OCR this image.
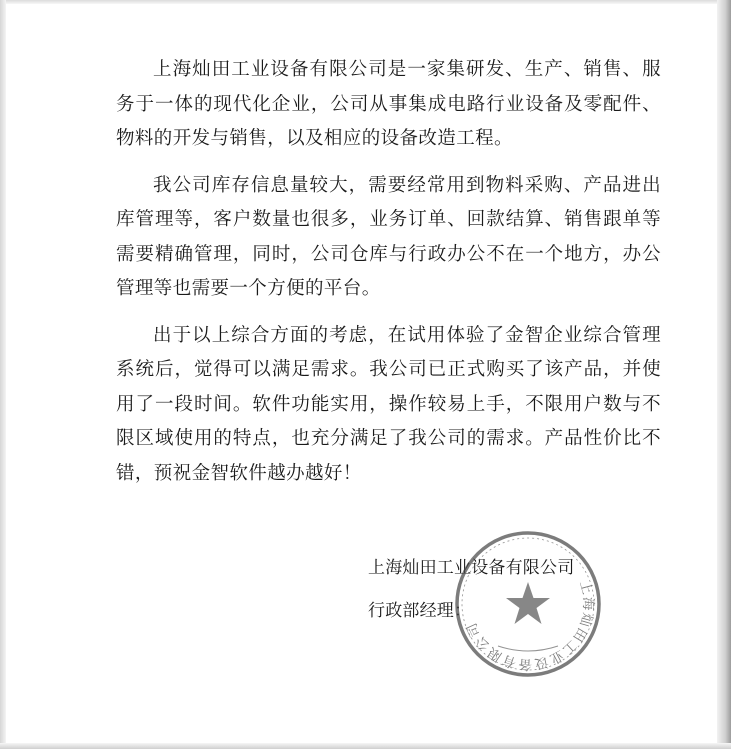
上海灿田工业设备有限公司是一家集研发、生产、销售、服务于一体的现代化企业，公司从事集成电路行业设备及零配件、物料的开发与销售，以及相应的设备改造工程。

我公司库存信息量较大，需要经常用到物料采购、产品进出库管理等，客户数量也很多，业务订单、回款结算、销售跟单等需要精确管理，同时，公司仓库与行政办公不在一个地方，办公管理等也需要一个方便的平台。

出于以上综合方面的考虑，在试用体验了金智企业综合管理系统后，觉得可以满足需求。我公司已正式购买了该产品，并使用了一段时间。软件功能实用，操作较易上手，不限用户数与不限区域使用的特点，也充分满足了我公司的需求。产品性价比不错，预祝金智软件越办越好！

上海灿田工业设备有限公司
行政部经理：
上海灿田工业设备有限公司
